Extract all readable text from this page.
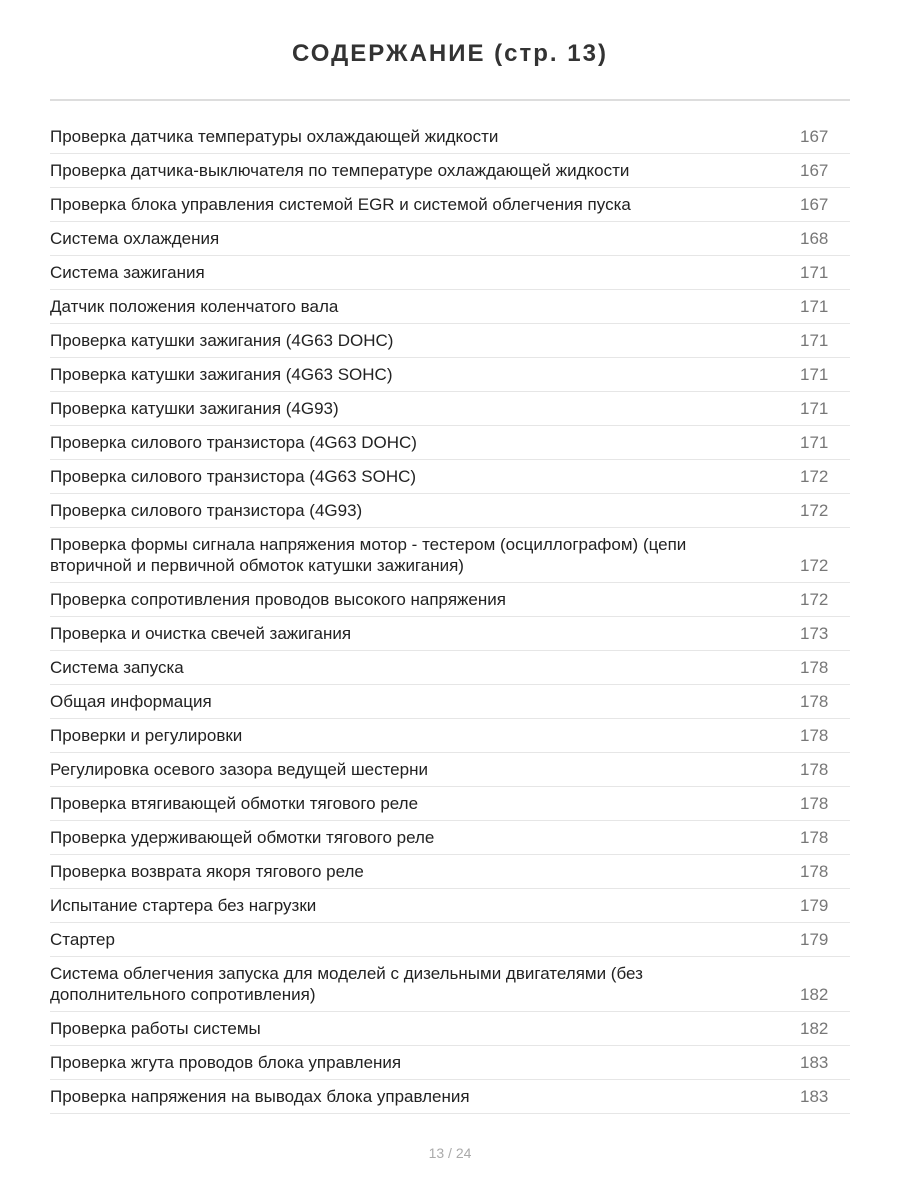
СОДЕРЖАНИЕ (стр. 13)
Проверка датчика температуры охлаждающей жидкости	167
Проверка датчика-выключателя по температуре охлаждающей жидкости	167
Проверка блока управления системой EGR и системой облегчения пуска	167
Система охлаждения	168
Система зажигания	171
Датчик положения коленчатого вала	171
Проверка катушки зажигания (4G63 DOHC)	171
Проверка катушки зажигания (4G63 SOHC)	171
Проверка катушки зажигания (4G93)	171
Проверка силового транзистора (4G63 DOHC)	171
Проверка силового транзистора (4G63 SOHC)	172
Проверка силового транзистора (4G93)	172
Проверка формы сигнала напряжения мотор - тестером (осциллографом) (цепи вторичной и первичной обмоток катушки зажигания)	172
Проверка сопротивления проводов высокого напряжения	172
Проверка и очистка свечей зажигания	173
Система запуска	178
Общая информация	178
Проверки и регулировки	178
Регулировка осевого зазора ведущей шестерни	178
Проверка втягивающей обмотки тягового реле	178
Проверка удерживающей обмотки тягового реле	178
Проверка возврата якоря тягового реле	178
Испытание стартера без нагрузки	179
Стартер	179
Система облегчения запуска для моделей с дизельными двигателями (без дополнительного сопротивления)	182
Проверка работы системы	182
Проверка жгута проводов блока управления	183
Проверка напряжения на выводах блока управления	183
13 / 24
